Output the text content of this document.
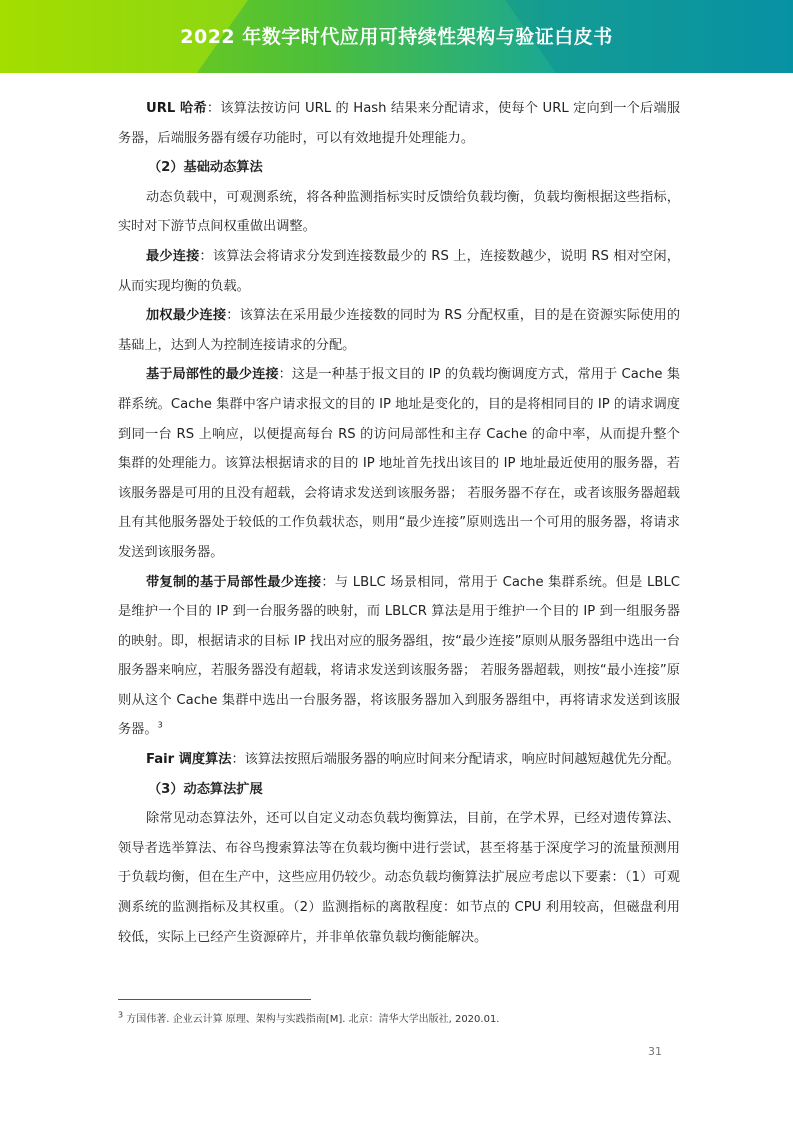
2022 年数字时代应用可持续性架构与验证白皮书

URL 哈希：该算法按访问 URL 的 Hash 结果来分配请求，使每个 URL 定向到一个后端服务器，后端服务器有缓存功能时，可以有效地提升处理能力。

（2）基础动态算法

动态负载中，可观测系统，将各种监测指标实时反馈给负载均衡，负载均衡根据这些指标，实时对下游节点间权重做出调整。

最少连接：该算法会将请求分发到连接数最少的 RS 上，连接数越少，说明 RS 相对空闲，从而实现均衡的负载。

加权最少连接：该算法在采用最少连接数的同时为 RS 分配权重，目的是在资源实际使用的基础上，达到人为控制连接请求的分配。

基于局部性的最少连接：这是一种基于报文目的 IP 的负载均衡调度方式，常用于 Cache 集群系统。Cache 集群中客户请求报文的目的 IP 地址是变化的，目的是将相同目的 IP 的请求调度到同一台 RS 上响应，以便提高每台 RS 的访问局部性和主存 Cache 的命中率，从而提升整个集群的处理能力。该算法根据请求的目的 IP 地址首先找出该目的 IP 地址最近使用的服务器，若该服务器是可用的且没有超载，会将请求发送到该服务器； 若服务器不存在，或者该服务器超载且有其他服务器处于较低的工作负载状态，则用“最少连接”原则选出一个可用的服务器，将请求发送到该服务器。

带复制的基于局部性最少连接：与 LBLC 场景相同，常用于 Cache 集群系统。但是 LBLC 是维护一个目的 IP 到一台服务器的映射，而 LBLCR 算法是用于维护一个目的 IP 到一组服务器的映射。即，根据请求的目标 IP 找出对应的服务器组，按“最少连接”原则从服务器组中选出一台服务器来响应，若服务器没有超载，将请求发送到该服务器； 若服务器超载，则按“最小连接”原则从这个 Cache 集群中选出一台服务器，将该服务器加入到服务器组中，再将请求发送到该服务器。$^3$

Fair 调度算法：该算法按照后端服务器的响应时间来分配请求，响应时间越短越优先分配。

（3）动态算法扩展

除常见动态算法外，还可以自定义动态负载均衡算法，目前，在学术界，已经对遗传算法、领导者选举算法、布谷鸟搜索算法等在负载均衡中进行尝试，甚至将基于深度学习的流量预测用于负载均衡，但在生产中，这些应用仍较少。动态负载均衡算法扩展应考虑以下要素：（1）可观测系统的监测指标及其权重。（2）监测指标的离散程度：如节点的 CPU 利用较高，但磁盘利用较低，实际上已经产生资源碎片，并非单依靠负载均衡能解决。

$^3$ 方国伟著. 企业云计算 原理、架构与实践指南[M]. 北京：清华大学出版社, 2020.01.
31
